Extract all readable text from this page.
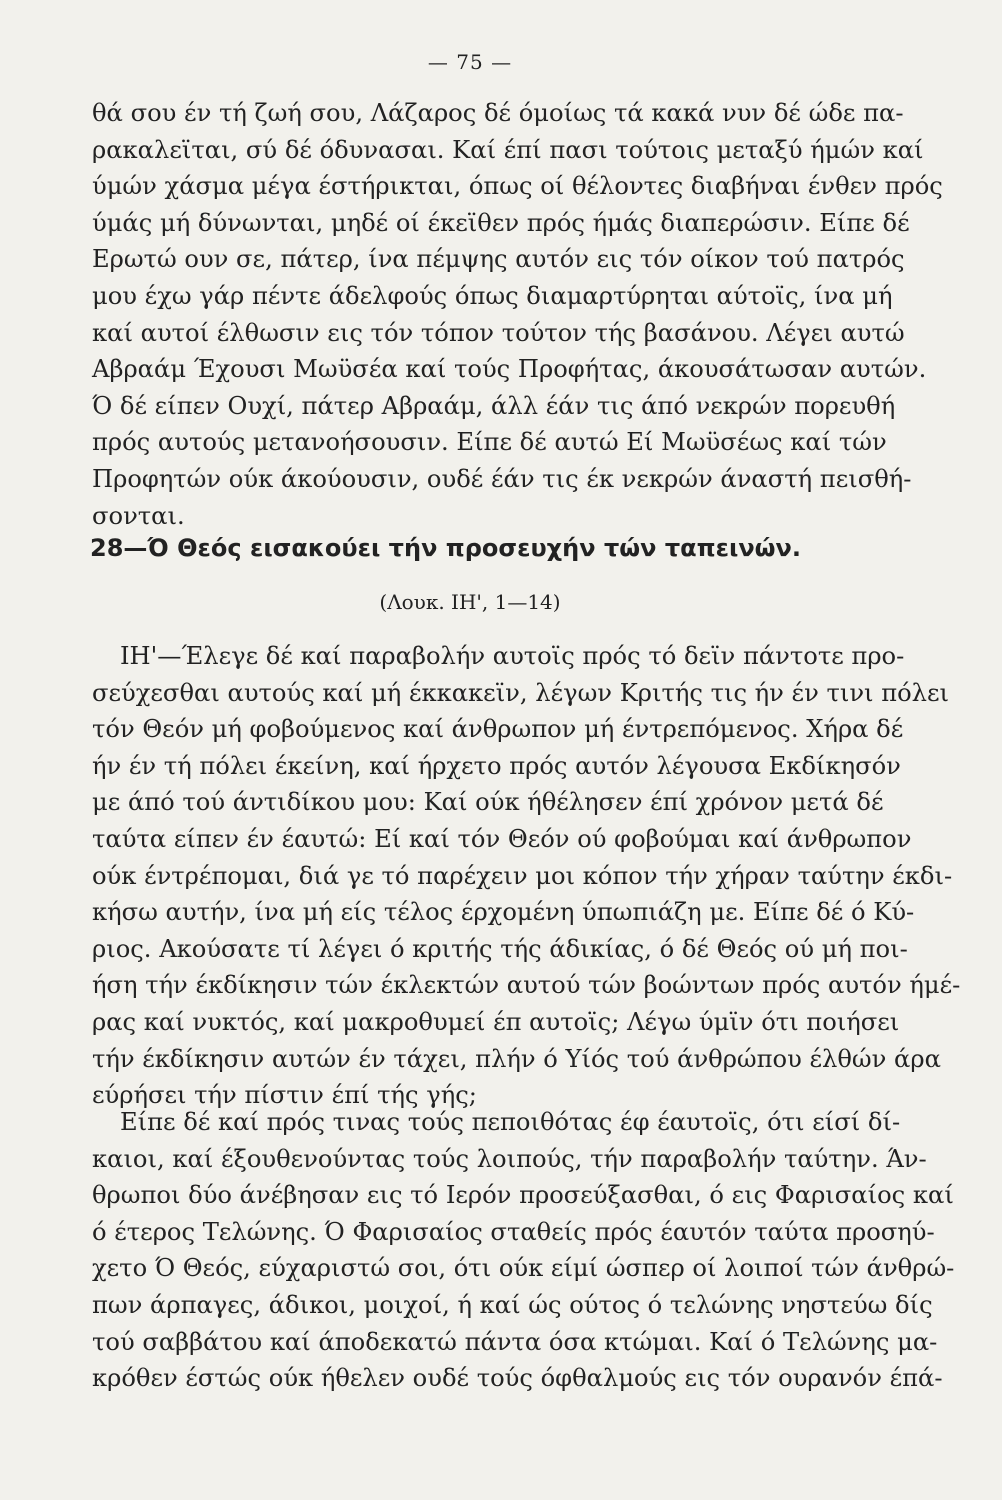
— 75 —
θά σου έν τή ζωή σου, Λάζαρος δέ όμοίως τά κακά νυν δέ ώδε πα-
ρακαλεϊται, σύ δέ όδυνασαι. Καί έπί πασι τούτοις μεταξύ ήμών καί
ύμών χάσμα μέγα έστήρικται, όπως οί θέλοντες διαβήναι ένθεν πρός
ύμάς μή δύνωνται, μηδέ οί έκεϊθεν πρός ήμάς διαπερώσιν. Είπε δέ
Ερωτώ ουν σε, πάτερ, ίνα πέμψης αυτόν εις τόν οίκον τού πατρός
μου έχω γάρ πέντε άδελφούς όπως διαμαρτύρηται αύτοϊς, ίνα μή
καί αυτοί έλθωσιν εις τόν τόπον τούτον τής βασάνου. Λέγει αυτώ
Αβραάμ Έχουσι Μωϋσέα καί τούς Προφήτας, άκουσάτωσαν αυτών.
Ό δέ είπεν Ουχί, πάτερ Αβραάμ, άλλ έάν τις άπό νεκρών πορευθή
πρός αυτούς μετανοήσουσιν. Είπε δέ αυτώ Εί Μωϋσέως καί τών
Προφητών ούκ άκούουσιν, ουδέ έάν τις έκ νεκρών άναστή πεισθή-
σονται.
28—Ό Θεός εισακούει τήν προσευχήν τών ταπεινών.
(Λουκ. ΙΗ', 1—14)
ΙΗ'—Έλεγε δέ καί παραβολήν αυτοϊς πρός τό δεϊν πάντοτε προ-
σεύχεσθαι αυτούς καί μή έκκακεϊν, λέγων Κριτής τις ήν έν τινι πόλει
τόν Θεόν μή φοβούμενος καί άνθρωπον μή έντρεπόμενος. Χήρα δέ
ήν έν τή πόλει έκείνη, καί ήρχετο πρός αυτόν λέγουσα Εκδίκησόν
με άπό τού άντιδίκου μου: Καί ούκ ήθέλησεν έπί χρόνον μετά δέ
ταύτα είπεν έν έαυτώ: Εί καί τόν Θεόν ού φοβούμαι καί άνθρωπον
ούκ έντρέπομαι, διά γε τό παρέχειν μοι κόπον τήν χήραν ταύτην έκδι-
κήσω αυτήν, ίνα μή είς τέλος έρχομένη ύπωπιάζη με. Είπε δέ ό Κύ-
ριος. Ακούσατε τί λέγει ό κριτής τής άδικίας, ό δέ Θεός ού μή ποι-
ήση τήν έκδίκησιν τών έκλεκτών αυτού τών βοώντων πρός αυτόν ήμέ-
ρας καί νυκτός, καί μακροθυμεί έπ αυτοϊς; Λέγω ύμϊν ότι ποιήσει
τήν έκδίκησιν αυτών έν τάχει, πλήν ό Υίός τού άνθρώπου έλθών άρα
εύρήσει τήν πίστιν έπί τής γής;
Είπε δέ καί πρός τινας τούς πεποιθότας έφ έαυτοϊς, ότι είσί δί-
καιοι, καί έξουθενούντας τούς λοιπούς, τήν παραβολήν ταύτην. Άν-
θρωποι δύο άνέβησαν εις τό Ιερόν προσεύξασθαι, ό εις Φαρισαίος καί
ό έτερος Τελώνης. Ό Φαρισαίος σταθείς πρός έαυτόν ταύτα προσηύ-
χετο Ό Θεός, εύχαριστώ σοι, ότι ούκ είμί ώσπερ οί λοιποί τών άνθρώ-
πων άρπαγες, άδικοι, μοιχοί, ή καί ώς ούτος ό τελώνης νηστεύω δίς
τού σαββάτου καί άποδεκατώ πάντα όσα κτώμαι. Καί ό Τελώνης μα-
κρόθεν έστώς ούκ ήθελεν ουδέ τούς όφθαλμούς εις τόν ουρανόν έπά-
